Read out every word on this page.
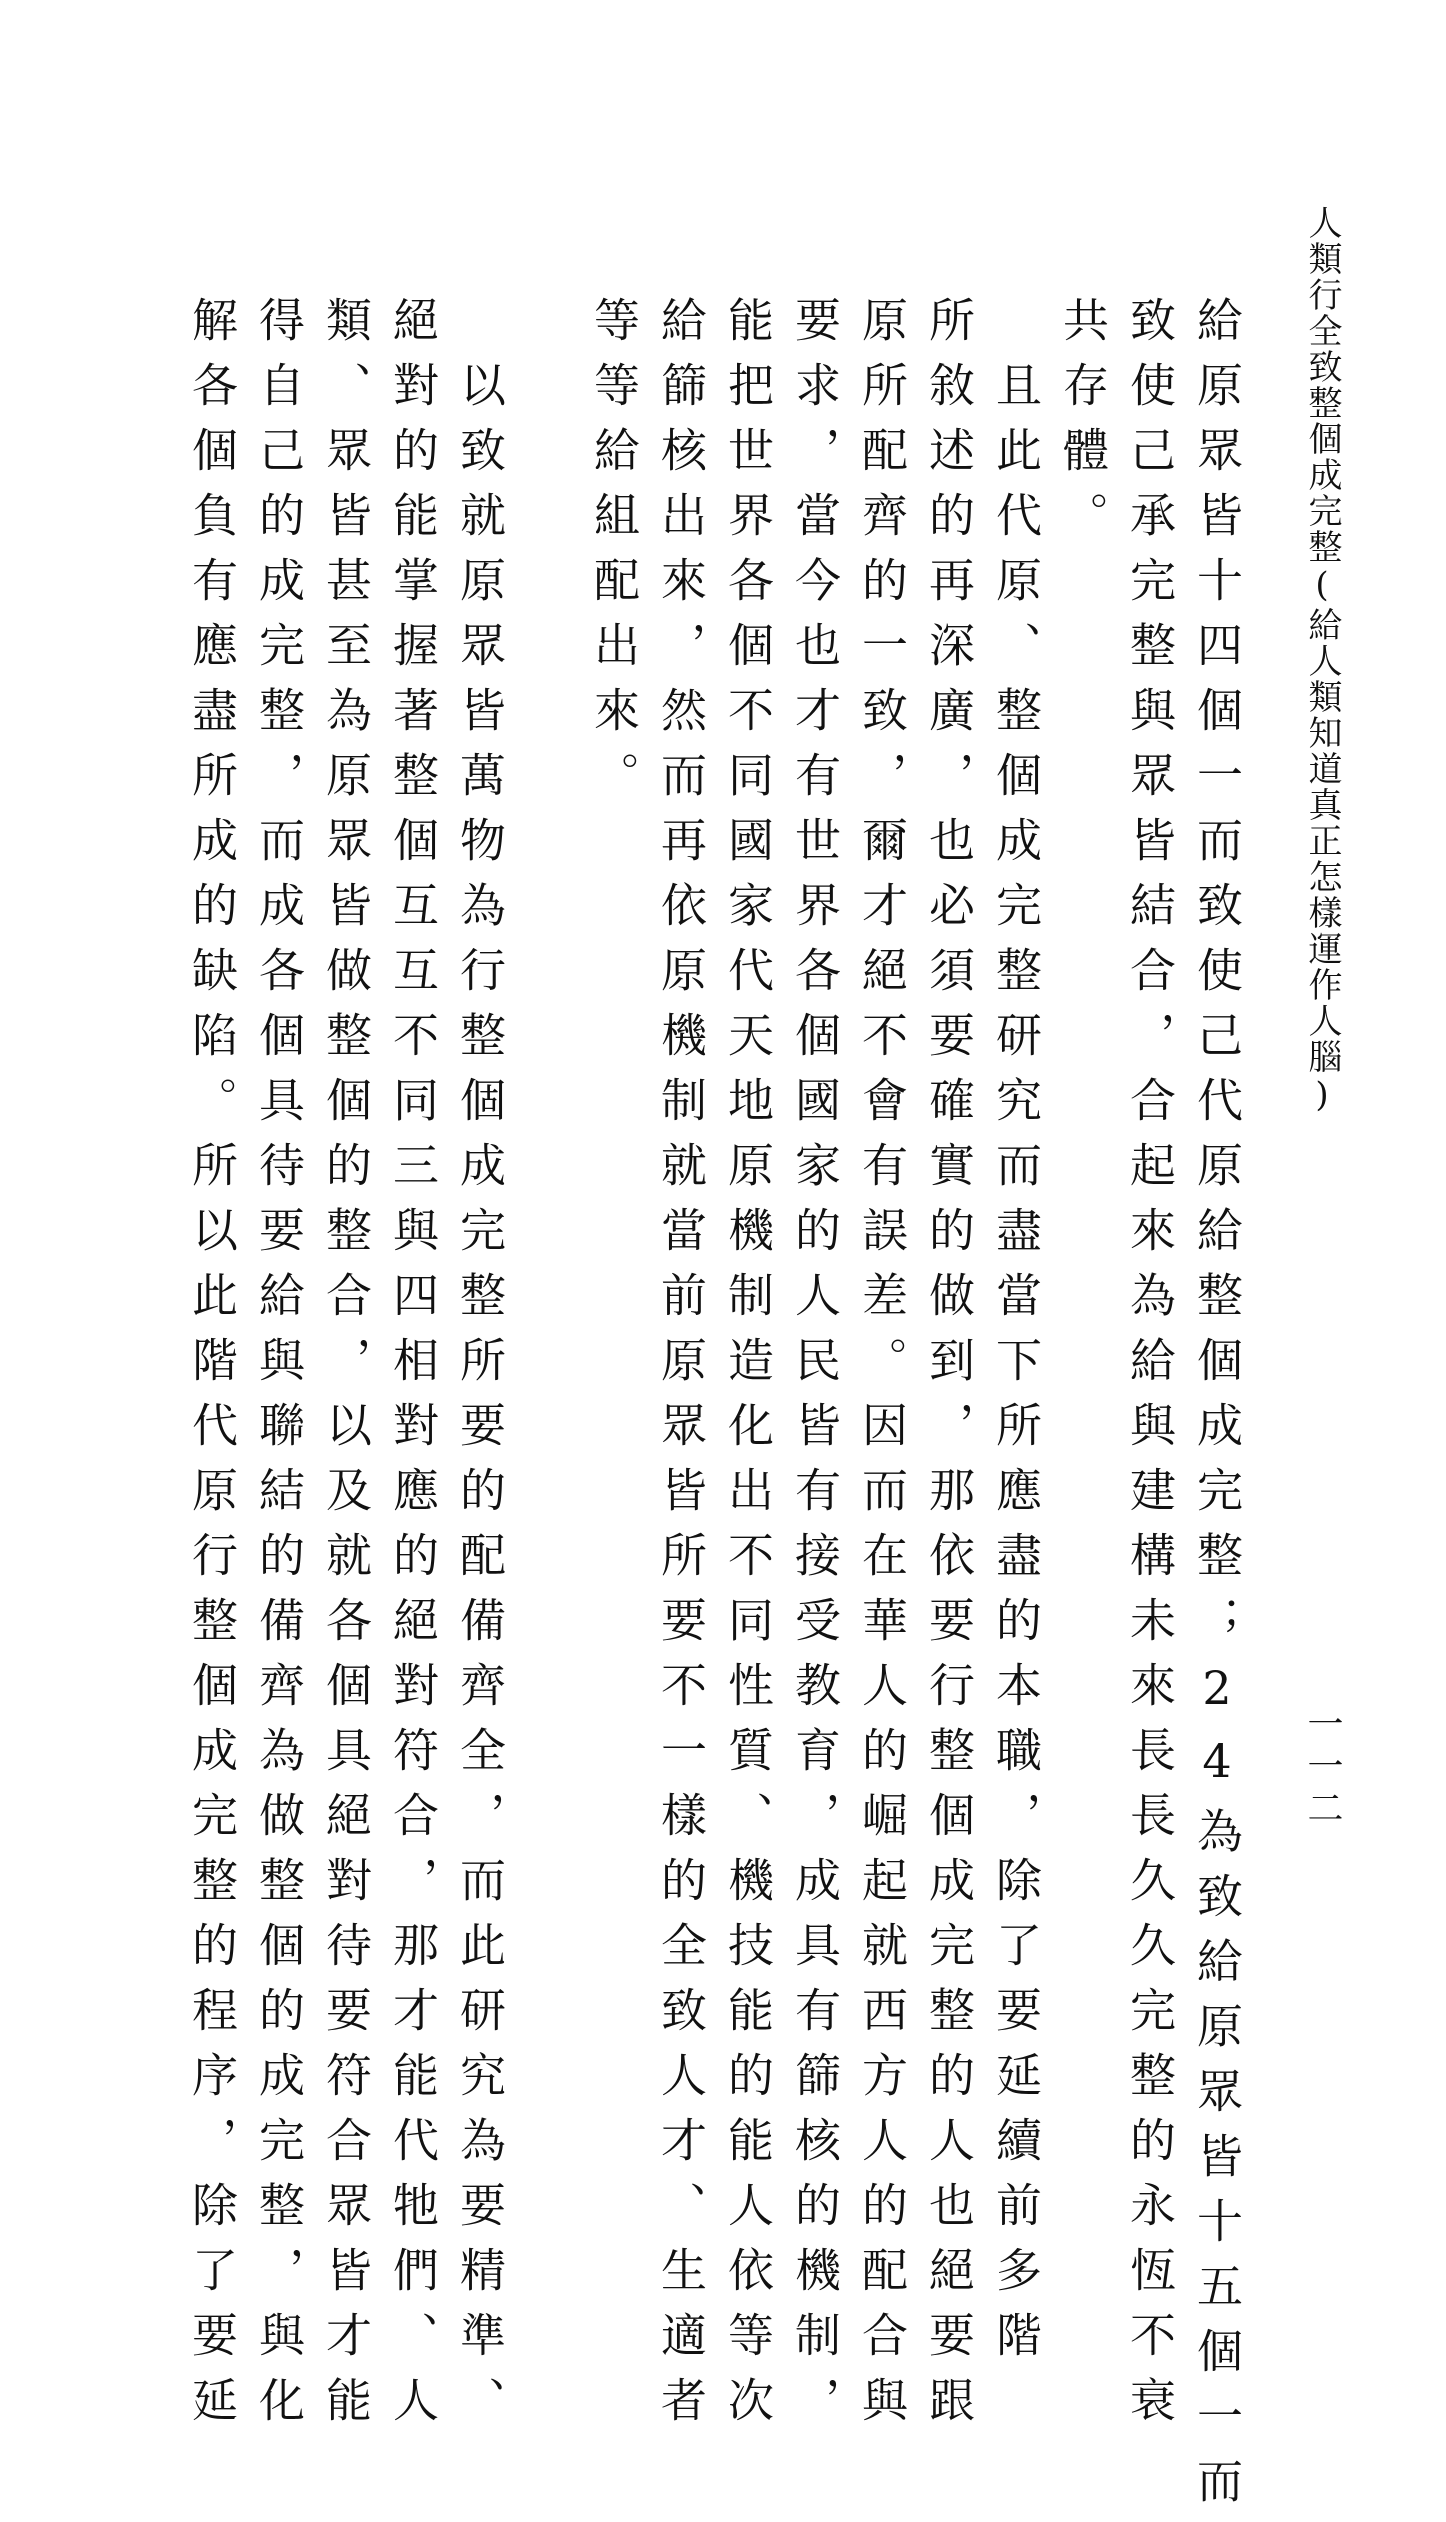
人類行全致整個成完整(給人類知道真正怎樣運作人腦)
一一二

給原眾皆十四個一而致使己代原給整個成完整；24為致給原眾皆十五個一而

致使己承完整與眾皆結合，合起來為給與建構未來長長久久完整的永恆不衰

共存體。

　且此代原、整個成完整研究而盡當下所應盡的本職，除了要延續前多階

所敘述的再深廣，也必須要確實的做到，那依要行整個成完整的人也絕要跟

原所配齊的一致，爾才絕不會有誤差。因而在華人的崛起就西方人的配合與

要求，當今也才有世界各個國家的人民皆有接受教育，成具有篩核的機制，

能把世界各個不同國家代天地原機制造化出不同性質、機技能的能人依等次

給篩核出來，然而再依原機制就當前原眾皆所要不一樣的全致人才、生適者

等等給組配出來。

　以致就原眾皆萬物為行整個成完整所要的配備齊全，而此研究為要精準、

絕對的能掌握著整個互互不同三與四相對應的絕對符合，那才能代牠們、人

類、眾皆甚至為原眾皆做整個的整合，以及就各個具絕對待要符合眾皆才能

得自己的成完整，而成各個具待要給與聯結的備齊為做整個的成完整，與化

解各個負有應盡所成的缺陷。所以此階代原行整個成完整的程序，除了要延
